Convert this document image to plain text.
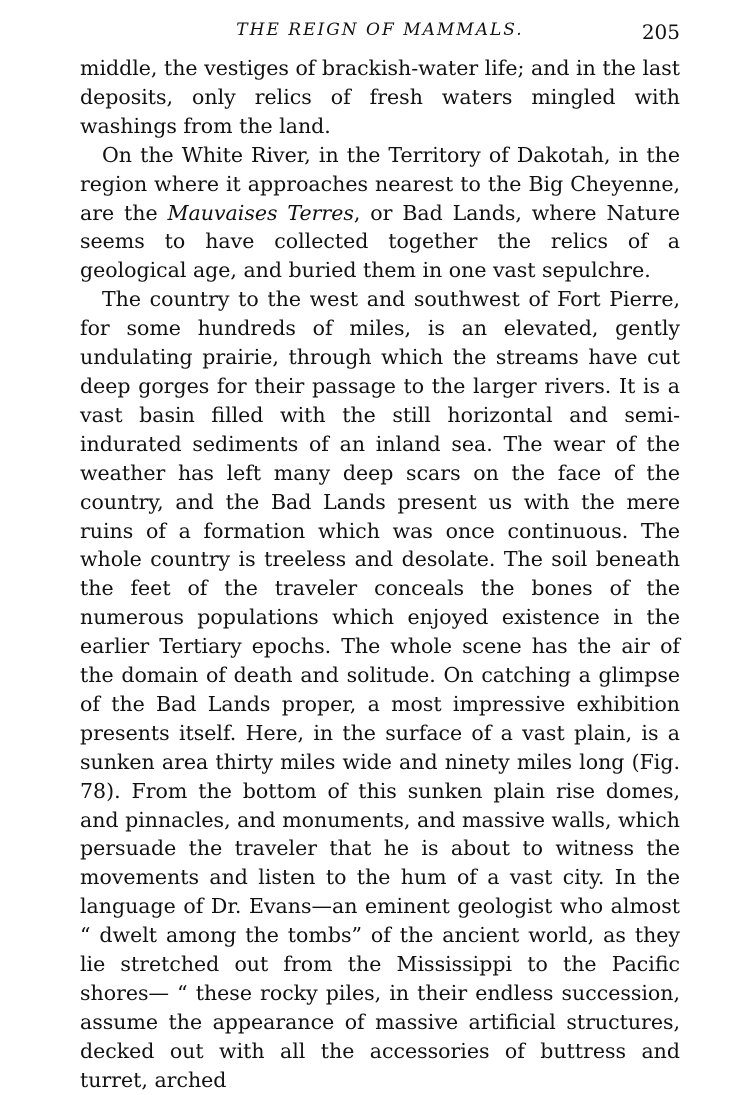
THE REIGN OF MAMMALS.	205

middle, the vestiges of brackish-water life; and in the last deposits, only relics of fresh waters mingled with washings from the land.

On the White River, in the Territory of Dakotah, in the region where it approaches nearest to the Big Cheyenne, are the Mauvaises Terres, or Bad Lands, where Nature seems to have collected together the relics of a geological age, and buried them in one vast sepulchre.

The country to the west and southwest of Fort Pierre, for some hundreds of miles, is an elevated, gently undulating prairie, through which the streams have cut deep gorges for their passage to the larger rivers. It is a vast basin filled with the still horizontal and semi-indurated sediments of an inland sea. The wear of the weather has left many deep scars on the face of the country, and the Bad Lands present us with the mere ruins of a formation which was once continuous. The whole country is treeless and desolate. The soil beneath the feet of the traveler conceals the bones of the numerous populations which enjoyed existence in the earlier Tertiary epochs. The whole scene has the air of the domain of death and solitude. On catching a glimpse of the Bad Lands proper, a most impressive exhibition presents itself. Here, in the surface of a vast plain, is a sunken area thirty miles wide and ninety miles long (Fig. 78). From the bottom of this sunken plain rise domes, and pinnacles, and monuments, and massive walls, which persuade the traveler that he is about to witness the movements and listen to the hum of a vast city. In the language of Dr. Evans—an eminent geologist who almost “ dwelt among the tombs” of the ancient world, as they lie stretched out from the Mississippi to the Pacific shores— “ these rocky piles, in their endless succession, assume the appearance of massive artificial structures, decked out with all the accessories of buttress and turret, arched
